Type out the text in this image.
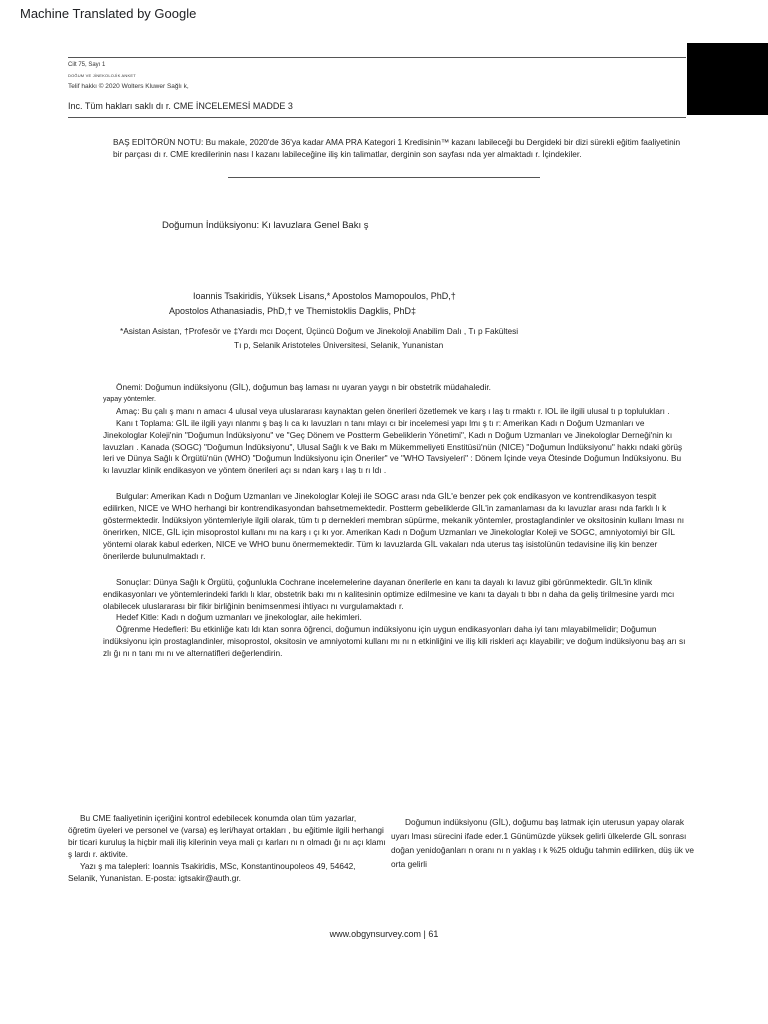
Machine Translated by Google
Cilt 75, Sayı 1
DOĞUM VE JİNEKOLOJİK ANKET
Telif hakkı © 2020 Wolters Kluwer Sağlı k,
Inc. Tüm hakları saklı dı r. CME İNCELEMESİ MADDE 3
BAŞ EDİTÖRÜN NOTU: Bu makale, 2020'de 36'ya kadar AMA PRA Kategori 1 Kredisinin™ kazanı labileceği bu Dergideki bir dizi sürekli eğitim faaliyetinin bir parçası dı r. CME kredilerinin nası l kazanı labileceğine iliş kin talimatlar, derginin son sayfası nda yer almaktadı r. İçindekiler.
Doğumun İndüksiyonu: Kı lavuzlara Genel Bakı ş
Ioannis Tsakiridis, Yüksek Lisans,* Apostolos Mamopoulos, PhD,†
Apostolos Athanasiadis, PhD,† ve Themistoklis Dagklis, PhD‡
*Asistan Asistan, †Profesör ve ‡Yardı mcı Doçent, Üçüncü Doğum ve Jinekoloji Anabilim Dalı , Tı p Fakültesi
Tı p, Selanik Aristoteles Üniversitesi, Selanik, Yunanistan

Önemi: Doğumun indüksiyonu (GİL), doğumun baş laması nı uyaran yaygı n bir obstetrik müdahaledir.

yapay yöntemler.

Amaç: Bu çalı ş manı n amacı 4 ulusal veya uluslararası kaynaktan gelen önerileri özetlemek ve karş ı laş tı rmaktı r. IOL ile ilgili ulusal tı p toplulukları .

Kanı t Toplama: GİL ile ilgili yayı nlanmı ş baş lı ca kı lavuzları n tanı mlayı cı bir incelemesi yapı lmı ş tı r: Amerikan Kadı n Doğum Uzmanları ve Jinekologlar Koleji'nin "Doğumun İndüksiyonu" ve "Geç Dönem ve Postterm Gebeliklerin Yönetimi", Kadı n Doğum Uzmanları ve Jinekologlar Derneği'nin kı lavuzları . Kanada (SOGC) "Doğumun İndüksiyonu", Ulusal Sağlı k ve Bakı m Mükemmeliyeti Enstitüsü'nün (NICE) "Doğumun İndüksiyonu" hakkı ndaki görüş leri ve Dünya Sağlı k Örgütü'nün (WHO) "Doğumun İndüksiyonu için Öneriler" ve "WHO Tavsiyeleri" : Dönem İçinde veya Ötesinde Doğumun İndüksiyonu. Bu kı lavuzlar klinik endikasyon ve yöntem önerileri açı sı ndan karş ı laş tı rı ldı .

Bulgular: Amerikan Kadı n Doğum Uzmanları ve Jinekologlar Koleji ile SOGC arası nda GİL'e benzer pek çok endikasyon ve kontrendikasyon tespit edilirken, NICE ve WHO herhangi bir kontrendikasyondan bahsetmemektedir. Postterm gebeliklerde GİL'in zamanlaması da kı lavuzlar arası nda farklı lı k göstermektedir. İndüksiyon yöntemleriyle ilgili olarak, tüm tı p dernekleri membran süpürme, mekanik yöntemler, prostaglandinler ve oksitosinin kullanı lması nı önerirken, NICE, GİL için misoprostol kullanı mı na karş ı çı kı yor. Amerikan Kadı n Doğum Uzmanları ve Jinekologlar Koleji ve SOGC, amniyotomiyi bir GİL yöntemi olarak kabul ederken, NICE ve WHO bunu önermemektedir. Tüm kı lavuzlarda GİL vakaları nda uterus taş isistolünün tedavisine iliş kin benzer önerilerde bulunulmaktadı r.

Sonuçlar: Dünya Sağlı k Örgütü, çoğunlukla Cochrane incelemelerine dayanan önerilerle en kanı ta dayalı kı lavuz gibi görünmektedir. GİL'in klinik endikasyonları ve yöntemlerindeki farklı lı klar, obstetrik bakı mı n kalitesinin optimize edilmesine ve kanı ta dayalı tı bbı n daha da geliş tirilmesine yardı mcı olabilecek uluslararası bir fikir birliğinin benimsenmesi ihtiyacı nı vurgulamaktadı r.

Hedef Kitle: Kadı n doğum uzmanları ve jinekologlar, aile hekimleri.

Öğrenme Hedefleri: Bu etkinliğe katı ldı ktan sonra öğrenci, doğumun indüksiyonu için uygun endikasyonları daha iyi tanı mlayabilmelidir; Doğumun indüksiyonu için prostaglandinler, misoprostol, oksitosin ve amniyotomi kullanı mı nı n etkinliğini ve iliş kili riskleri açı klayabilir; ve doğum indüksiyonu baş arı sı zlı ğı nı n tanı mı nı ve alternatifleri değerlendirin.

Bu CME faaliyetinin içeriğini kontrol edebilecek konumda olan tüm yazarlar, öğretim üyeleri ve personel ve (varsa) eş leri/hayat ortakları , bu eğitimle ilgili herhangi bir ticari kuruluş la hiçbir mali iliş kilerinin veya mali çı karları nı n olmadı ğı nı açı klamı ş lardı r. aktivite.

Yazı ş ma talepleri: Ioannis Tsakiridis, MSc, Konstantinoupoleos 49, 54642, Selanik, Yunanistan. E-posta: igtsakir@auth.gr.

Doğumun indüksiyonu (GİL), doğumu baş latmak için uterusun yapay olarak uyarı lması sürecini ifade eder.1 Günümüzde yüksek gelirli ülkelerde GİL sonrası doğan yenidoğanları n oranı nı n yaklaş ı k %25 olduğu tahmin edilirken, düş ük ve orta gelirli

www.obgynsurvey.com | 61
